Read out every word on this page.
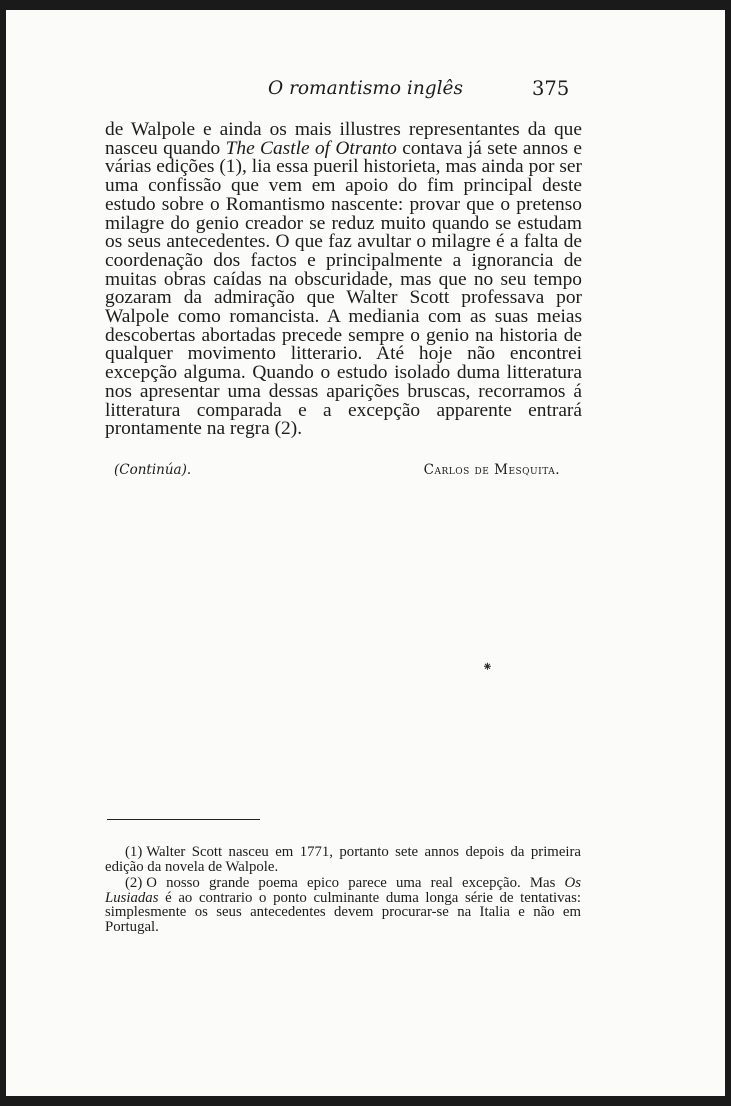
O romantismo inglês	375

de Walpole e ainda os mais illustres representantes da que nasceu quando The Castle of Otranto contava já sete annos e várias edições (1), lia essa pueril historieta, mas ainda por ser uma confissão que vem em apoio do fim principal deste estudo sobre o Romantismo nascente: provar que o pretenso milagre do genio creador se reduz muito quando se estudam os seus antecedentes. O que faz avultar o milagre é a falta de coordenação dos factos e principalmente a ignorancia de muitas obras caídas na obscuridade, mas que no seu tempo gozaram da admiração que Walter Scott professava por Walpole como romancista. A mediania com as suas meias descobertas abortadas precede sempre o genio na historia de qualquer movimento litterario. Até hoje não encontrei excepção alguma. Quando o estudo isolado duma litteratura nos apresentar uma dessas aparições bruscas, recorramos á litteratura comparada e a excepção apparente entrará prontamente na regra (2).

(Continúa).	Carlos de Mesquita.
⁕

(1) Walter Scott nasceu em 1771, portanto sete annos depois da primeira edição da novela de Walpole.

(2) O nosso grande poema epico parece uma real excepção. Mas Os Lusiadas é ao contrario o ponto culminante duma longa série de tentativas: simplesmente os seus antecedentes devem procurar-se na Italia e não em Portugal.
